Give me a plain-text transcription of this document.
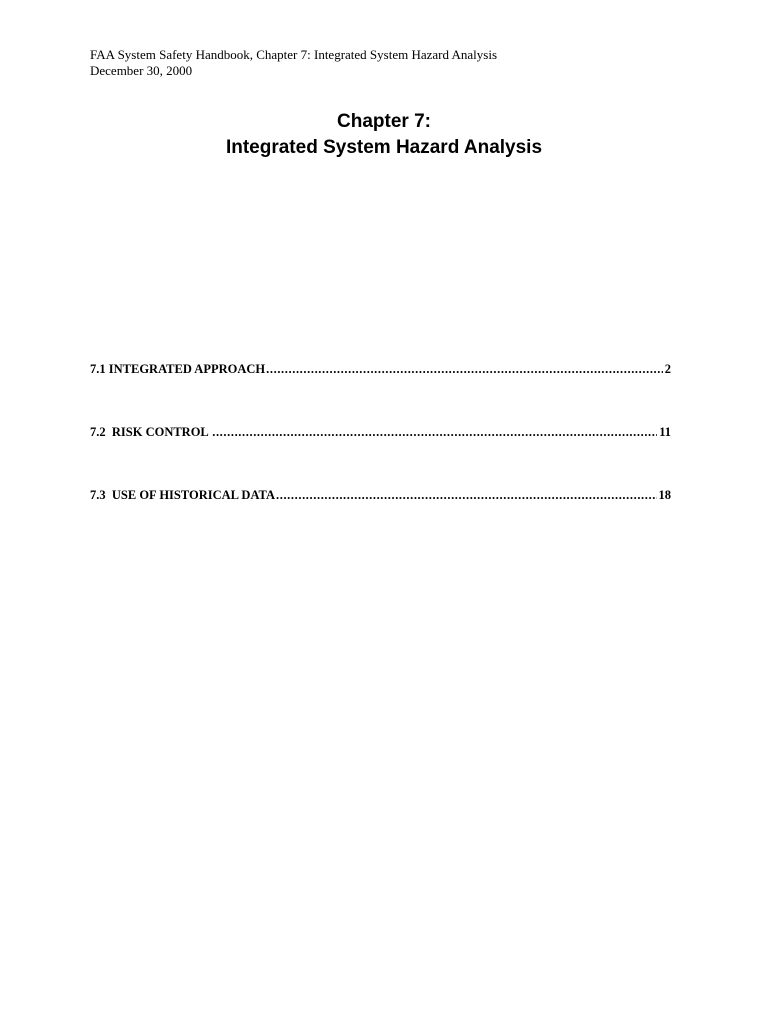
FAA System Safety Handbook, Chapter 7: Integrated System Hazard Analysis
December 30, 2000
Chapter 7:
Integrated System Hazard Analysis
7.1 INTEGRATED APPROACH .....	2
7.2  RISK CONTROL .....	11
7.3  USE OF HISTORICAL DATA .....	18
